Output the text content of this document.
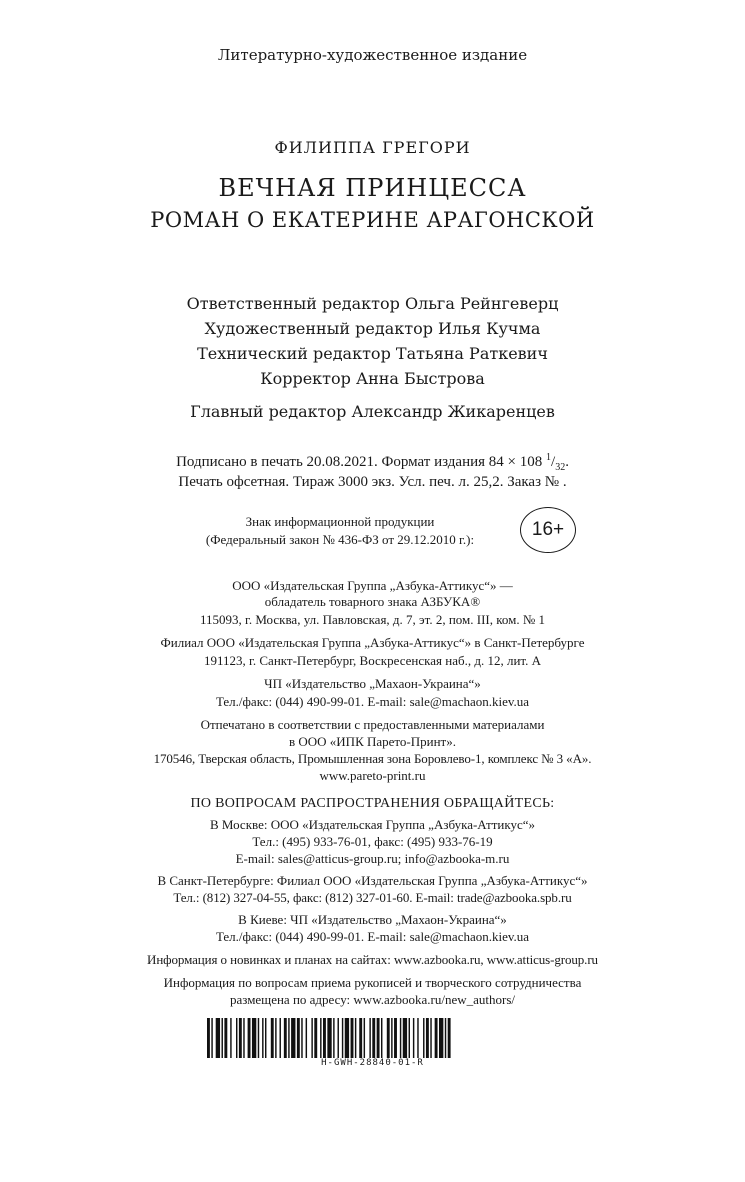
Литературно-художественное издание
ФИЛИППА ГРЕГОРИ
ВЕЧНАЯ ПРИНЦЕССА
РОМАН О ЕКАТЕРИНЕ АРАГОНСКОЙ
Ответственный редактор Ольга Рейнгеверц
Художественный редактор Илья Кучма
Технический редактор Татьяна Раткевич
Корректор Анна Быстрова
Главный редактор Александр Жикаренцев
Подписано в печать 20.08.2021. Формат издания 84 × 108 $^1/_{32}$.
Печать офсетная. Тираж 3000 экз. Усл. печ. л. 25,2. Заказ № .
Знак информационной продукции
(Федеральный закон № 436-ФЗ от 29.12.2010 г.):	16+
ООО «Издательская Группа „Азбука-Аттикус“» —
обладатель товарного знака АЗБУКА®
115093, г. Москва, ул. Павловская, д. 7, эт. 2, пом. III, ком. № 1
Филиал ООО «Издательская Группа „Азбука-Аттикус“» в Санкт-Петербурге
191123, г. Санкт-Петербург, Воскресенская наб., д. 12, лит. А
ЧП «Издательство „Махаон-Украина“»
Тел./факс: (044) 490-99-01. E-mail: sale@machaon.kiev.ua
Отпечатано в соответствии с предоставленными материалами
в ООО «ИПК Парето-Принт».
170546, Тверская область, Промышленная зона Боровлево-1, комплекс № 3 «А».
www.pareto-print.ru
ПО ВОПРОСАМ РАСПРОСТРАНЕНИЯ ОБРАЩАЙТЕСЬ:
В Москве: ООО «Издательская Группа „Азбука-Аттикус“»
Тел.: (495) 933-76-01, факс: (495) 933-76-19
E-mail: sales@atticus-group.ru; info@azbooka-m.ru
В Санкт-Петербурге: Филиал ООО «Издательская Группа „Азбука-Аттикус“»
Тел.: (812) 327-04-55, факс: (812) 327-01-60. E-mail: trade@azbooka.spb.ru
В Киеве: ЧП «Издательство „Махаон-Украина“»
Тел./факс: (044) 490-99-01. E-mail: sale@machaon.kiev.ua
Информация о новинках и планах на сайтах: www.azbooka.ru, www.atticus-group.ru
Информация по вопросам приема рукописей и творческого сотрудничества
размещена по адресу: www.azbooka.ru/new_authors/
H-GWH-28840-01-R
